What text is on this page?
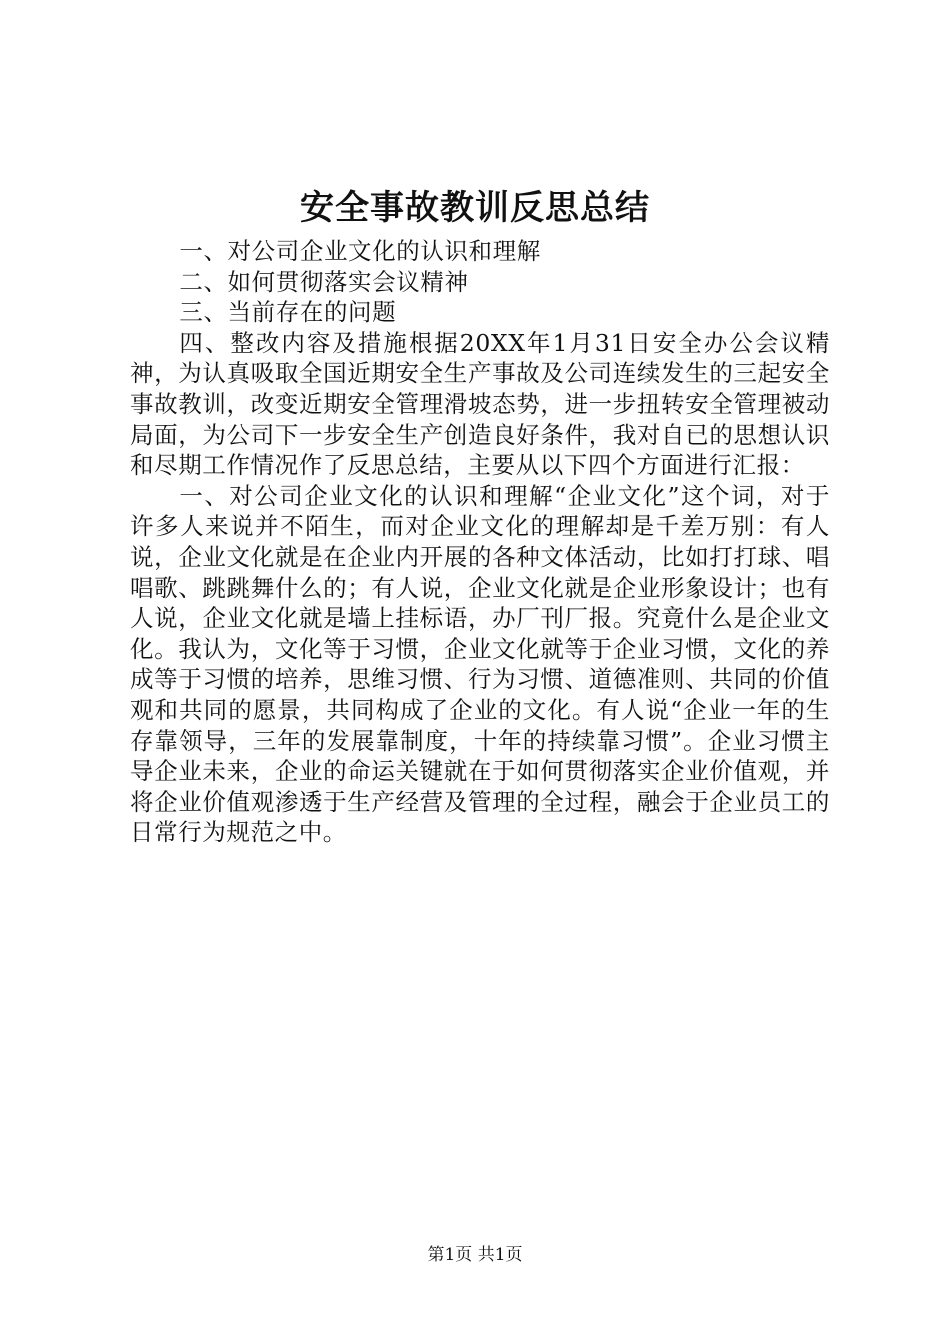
安全事故教训反思总结

一、对公司企业文化的认识和理解

二、如何贯彻落实会议精神

三、当前存在的问题

四、整改内容及措施根据20XX年1月31日安全办公会议精神，为认真吸取全国近期安全生产事故及公司连续发生的三起安全事故教训，改变近期安全管理滑坡态势，进一步扭转安全管理被动局面，为公司下一步安全生产创造良好条件，我对自已的思想认识和尽期工作情况作了反思总结，主要从以下四个方面进行汇报：

一、对公司企业文化的认识和理解“企业文化”这个词，对于许多人来说并不陌生，而对企业文化的理解却是千差万别：有人说，企业文化就是在企业内开展的各种文体活动，比如打打球、唱唱歌、跳跳舞什么的；有人说，企业文化就是企业形象设计；也有人说，企业文化就是墙上挂标语，办厂刊厂报。究竟什么是企业文化。我认为，文化等于习惯，企业文化就等于企业习惯，文化的养成等于习惯的培养，思维习惯、行为习惯、道德准则、共同的价值观和共同的愿景，共同构成了企业的文化。有人说“企业一年的生存靠领导，三年的发展靠制度，十年的持续靠习惯”。企业习惯主导企业未来，企业的命运关键就在于如何贯彻落实企业价值观，并将企业价值观渗透于生产经营及管理的全过程，融会于企业员工的日常行为规范之中。

第1页 共1页
